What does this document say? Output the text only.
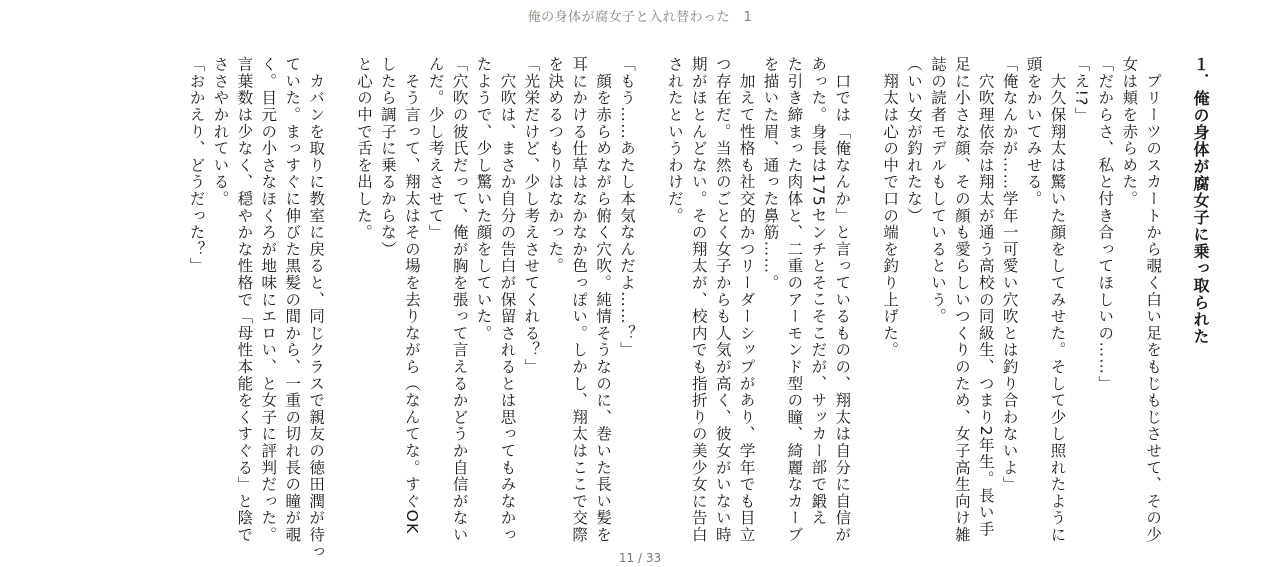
俺の身体が腐女子と入れ替わった　1
１．俺の身体が腐女子に乗っ取られた
　プリーツのスカートから覗く白い足をもじもじさせて、その少
女は頬を赤らめた。
「だからさ、私と付き合ってほしいの……」
「え!?」
　大久保翔太は驚いた顔をしてみせた。そして少し照れたように
頭をかいてみせる。
「俺なんかが……学年一可愛い穴吹とは釣り合わないよ」
　穴吹理依奈は翔太が通う高校の同級生、つまり2年生。長い手
足に小さな顔、その顔も愛らしいつくりのため、女子高生向け雑
誌の読者モデルもしているという。
（いい女が釣れたな）
　翔太は心の中で口の端を釣り上げた。
　口では「俺なんか」と言っているものの、翔太は自分に自信が
あった。身長は175センチとそこそこだが、サッカー部で鍛え
た引き締まった肉体と、二重のアーモンド型の瞳、綺麗なカーブ
を描いた眉、通った鼻筋……。
　加えて性格も社交的かつリーダーシップがあり、学年でも目立
つ存在だ。当然のごとく女子からも人気が高く、彼女がいない時
期がほとんどない。その翔太が、校内でも指折りの美少女に告白
されたというわけだ。
「もう……あたし本気なんだよ……？」
　顔を赤らめながら俯く穴吹。純情そうなのに、巻いた長い髪を
耳にかける仕草はなかなか色っぽい。しかし、翔太はここで交際
を決めるつもりはなかった。
「光栄だけど、少し考えさせてくれる？」
　穴吹は、まさか自分の告白が保留されるとは思ってもみなかっ
たようで、少し驚いた顔をしていた。
「穴吹の彼氏だって、俺が胸を張って言えるかどうか自信がない
んだ。少し考えさせて」
　そう言って、翔太はその場を去りながら（なんてな。すぐOK
したら調子に乗るからな）
と心の中で舌を出した。
　カバンを取りに教室に戻ると、同じクラスで親友の徳田潤が待っ
ていた。まっすぐに伸びた黒髪の間から、一重の切れ長の瞳が覗
く。目元の小さなほくろが地味にエロい、と女子に評判だった。
言葉数は少なく、穏やかな性格で「母性本能をくすぐる」と陰で
ささやかれている。
「おかえり、どうだった？」
11 / 33
